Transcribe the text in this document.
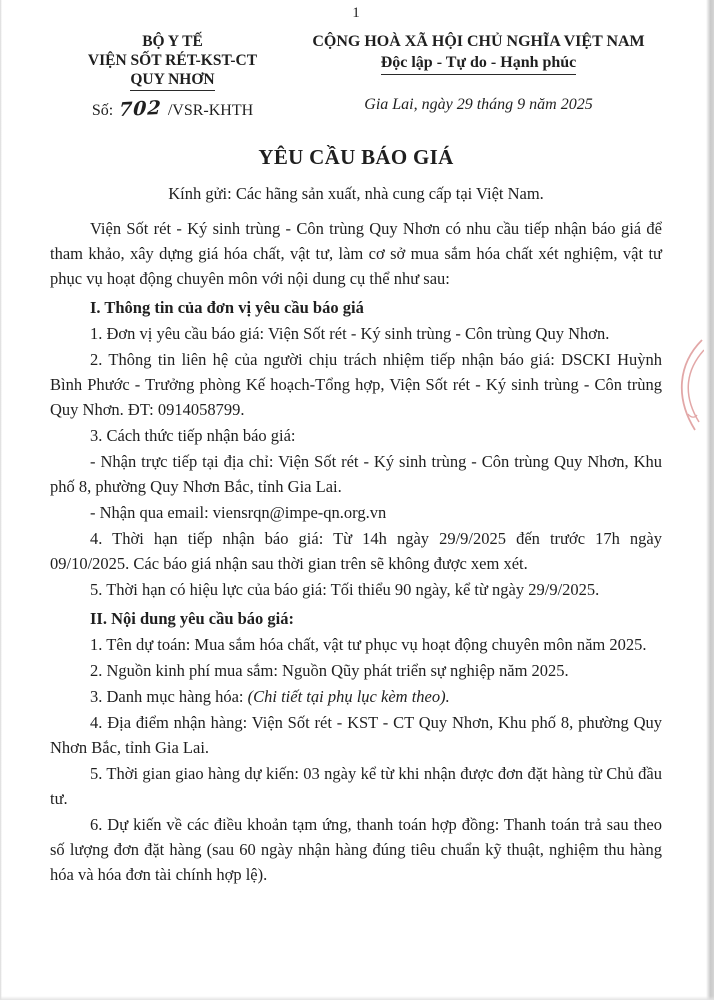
1
BỘ Y TẾ
VIỆN SỐT RÉT-KST-CT
QUY NHƠN
Số: 702 /VSR-KHTH
CỘNG HOÀ XÃ HỘI CHỦ NGHĨA VIỆT NAM
Độc lập - Tự do - Hạnh phúc
Gia Lai, ngày 29 tháng 9 năm 2025
YÊU CẦU BÁO GIÁ
Kính gửi: Các hãng sản xuất, nhà cung cấp tại Việt Nam.

Viện Sốt rét - Ký sinh trùng - Côn trùng Quy Nhơn có nhu cầu tiếp nhận báo giá để tham khảo, xây dựng giá hóa chất, vật tư, làm cơ sở mua sắm hóa chất xét nghiệm, vật tư phục vụ hoạt động chuyên môn với nội dung cụ thể như sau:

I. Thông tin của đơn vị yêu cầu báo giá

1. Đơn vị yêu cầu báo giá: Viện Sốt rét - Ký sinh trùng - Côn trùng Quy Nhơn.

2. Thông tin liên hệ của người chịu trách nhiệm tiếp nhận báo giá: DSCKI Huỳnh Bình Phước - Trưởng phòng Kế hoạch-Tổng hợp, Viện Sốt rét - Ký sinh trùng - Côn trùng Quy Nhơn. ĐT: 0914058799.

3. Cách thức tiếp nhận báo giá:

- Nhận trực tiếp tại địa chỉ: Viện Sốt rét - Ký sinh trùng - Côn trùng Quy Nhơn, Khu phố 8, phường Quy Nhơn Bắc, tỉnh Gia Lai.

- Nhận qua email: viensrqn@impe-qn.org.vn

4. Thời hạn tiếp nhận báo giá: Từ 14h ngày 29/9/2025 đến trước 17h ngày 09/10/2025. Các báo giá nhận sau thời gian trên sẽ không được xem xét.

5. Thời hạn có hiệu lực của báo giá: Tối thiểu 90 ngày, kể từ ngày 29/9/2025.

II. Nội dung yêu cầu báo giá:

1. Tên dự toán: Mua sắm hóa chất, vật tư phục vụ hoạt động chuyên môn năm 2025.

2. Nguồn kinh phí mua sắm: Nguồn Qũy phát triển sự nghiệp năm 2025.

3. Danh mục hàng hóa: (Chi tiết tại phụ lục kèm theo).

4. Địa điểm nhận hàng: Viện Sốt rét - KST - CT Quy Nhơn, Khu phố 8, phường Quy Nhơn Bắc, tỉnh Gia Lai.

5. Thời gian giao hàng dự kiến: 03 ngày kể từ khi nhận được đơn đặt hàng từ Chủ đầu tư.

6. Dự kiến về các điều khoản tạm ứng, thanh toán hợp đồng: Thanh toán trả sau theo số lượng đơn đặt hàng (sau 60 ngày nhận hàng đúng tiêu chuẩn kỹ thuật, nghiệm thu hàng hóa và hóa đơn tài chính hợp lệ).
